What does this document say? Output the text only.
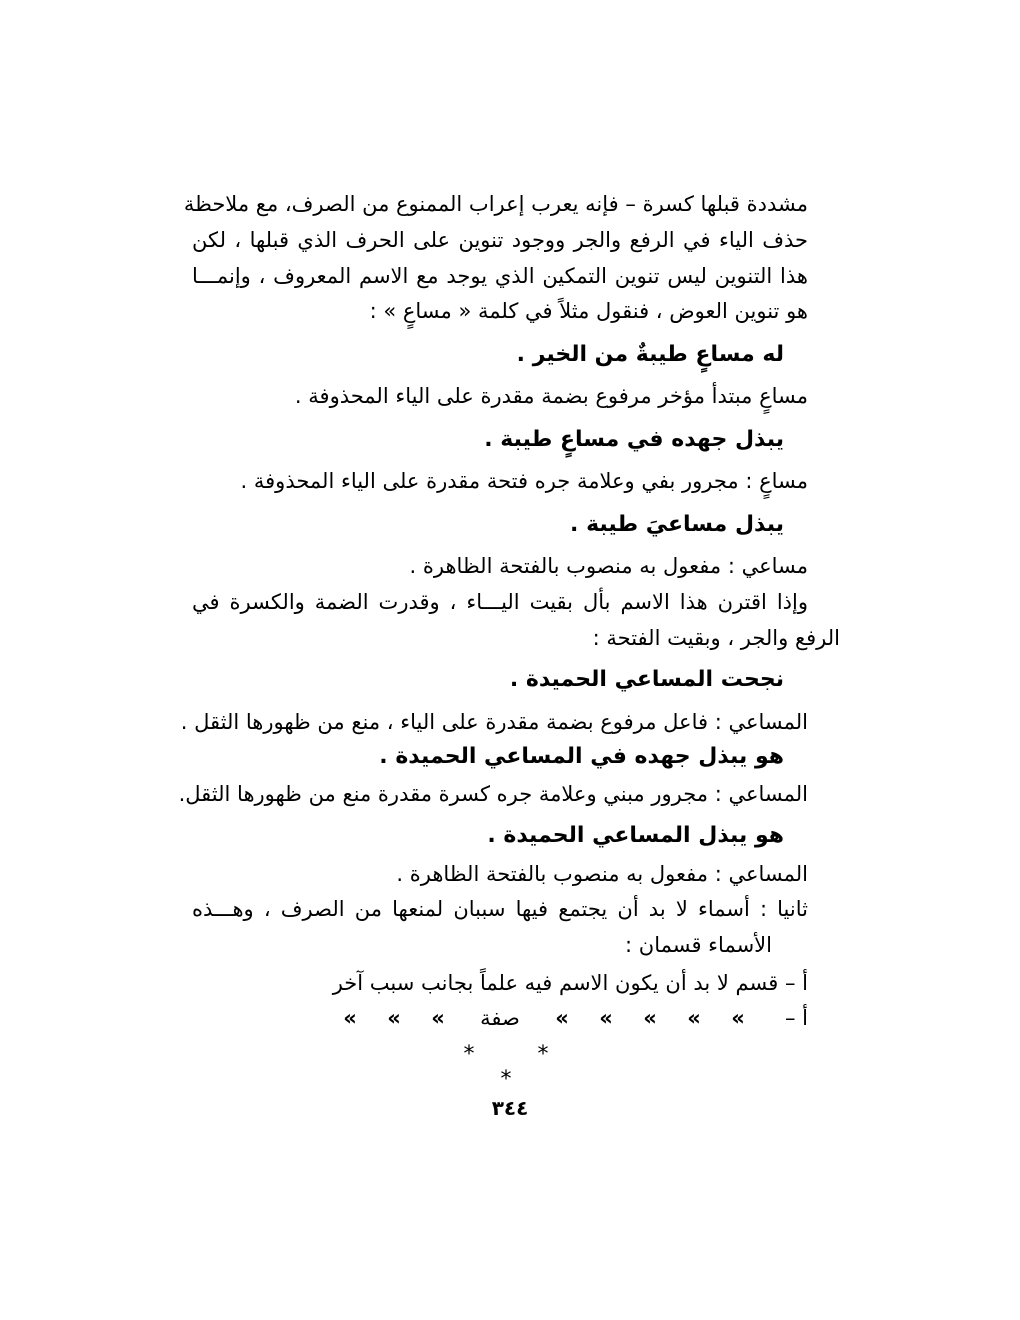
مشددة قبلها كسرة – فإنه يعرب إعراب الممنوع من الصرف، مع ملاحظة
حذف الياء في الرفع والجر ووجود تنوين على الحرف الذي قبلها ، لكن
هذا التنوين ليس تنوين التمكين الذي يوجد مع الاسم المعروف ، وإنمـــا
هو تنوين العوض ، فنقول مثلاً في كلمة « مساعٍ » :
له مساعٍ طيبةٌ من الخير .
مساعٍ مبتدأ مؤخر مرفوع بضمة مقدرة على الياء المحذوفة .
يبذل جهده في مساعٍ طيبة .
مساعٍ : مجرور بفي وعلامة جره فتحة مقدرة على الياء المحذوفة .
يبذل مساعيَ طيبة .
مساعي : مفعول به منصوب بالفتحة الظاهرة .
وإذا اقترن هذا الاسم بأل بقيت اليـــاء ، وقدرت الضمة والكسرة في
الرفع والجر ، وبقيت الفتحة :
نجحت المساعي الحميدة .
المساعي : فاعل مرفوع بضمة مقدرة على الياء ، منع من ظهورها الثقل .
هو يبذل جهده في المساعي الحميدة .
المساعي : مجرور مبني وعلامة جره كسرة مقدرة منع من ظهورها الثقل.
هو يبذل المساعي الحميدة .
المساعي : مفعول به منصوب بالفتحة الظاهرة .
ثانيا : أسماء لا بد أن يجتمع فيها سببان لمنعها من الصرف ، وهـــذه
الأسماء قسمان :
أ – قسم لا بد أن يكون الاسم فيه علماً بجانب سبب آخر
أ –
»»»»»صفة»»»
* * *
٣٤٤
